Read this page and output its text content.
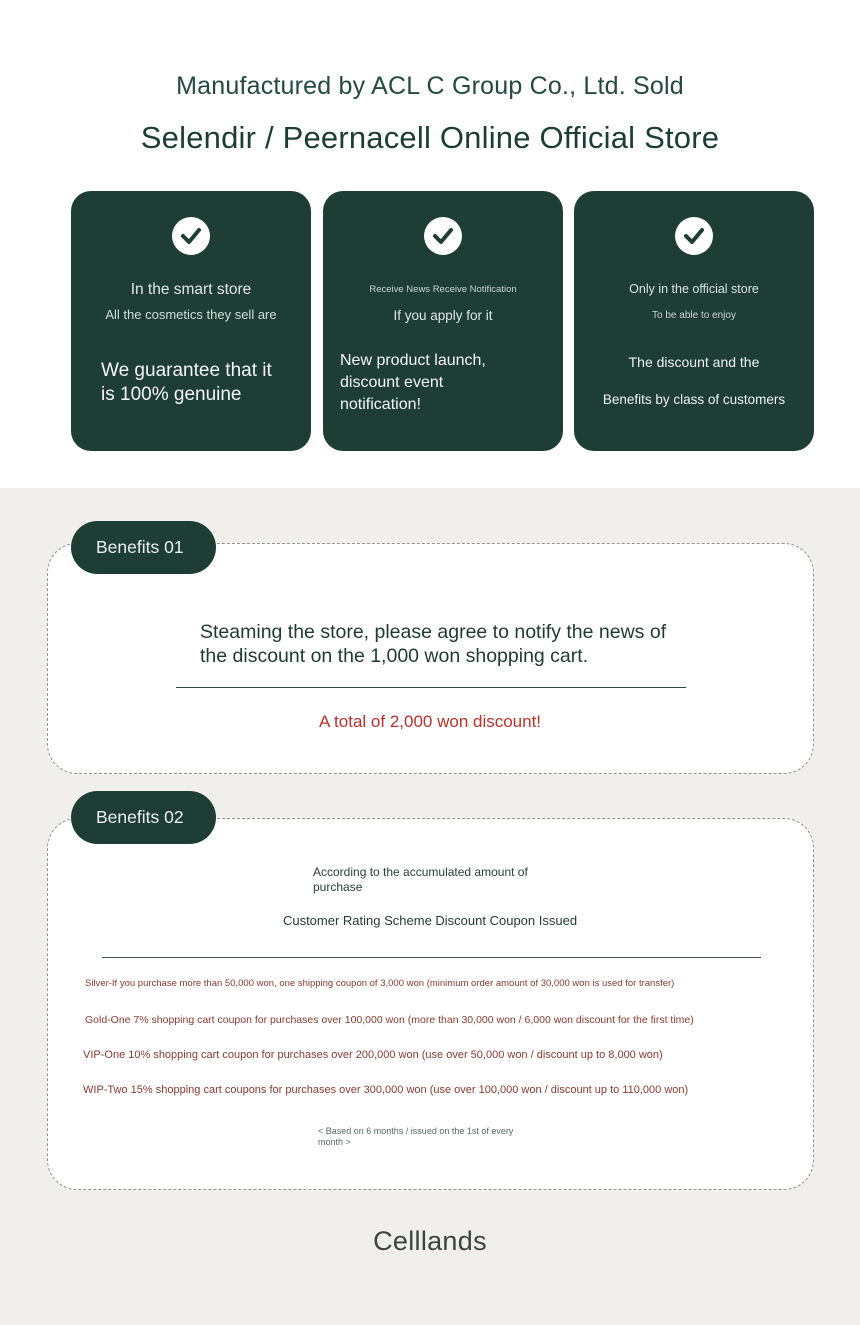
Manufactured by ACL C Group Co., Ltd. Sold
Selendir / Peernacell Online Official Store
In the smart store
All the cosmetics they sell are
We guarantee that it is 100% genuine
Receive News Receive Notification
If you apply for it
New product launch, discount event notification!
Only in the official store
To be able to enjoy
The discount and the
Benefits by class of customers
Benefits 01
Steaming the store, please agree to notify the news of the discount on the 1,000 won shopping cart.
A total of 2,000 won discount!
Benefits 02
According to the accumulated amount of purchase
Customer Rating Scheme Discount Coupon Issued
Silver-If you purchase more than 50,000 won, one shipping coupon of 3,000 won (minimum order amount of 30,000 won is used for transfer)
Gold-One 7% shopping cart coupon for purchases over 100,000 won (more than 30,000 won / 6,000 won discount for the first time)
VIP-One 10% shopping cart coupon for purchases over 200,000 won (use over 50,000 won / discount up to 8,000 won)
WIP-Two 15% shopping cart coupons for purchases over 300,000 won (use over 100,000 won / discount up to 110,000 won)
< Based on 6 months / issued on the 1st of every month >
Celllands
